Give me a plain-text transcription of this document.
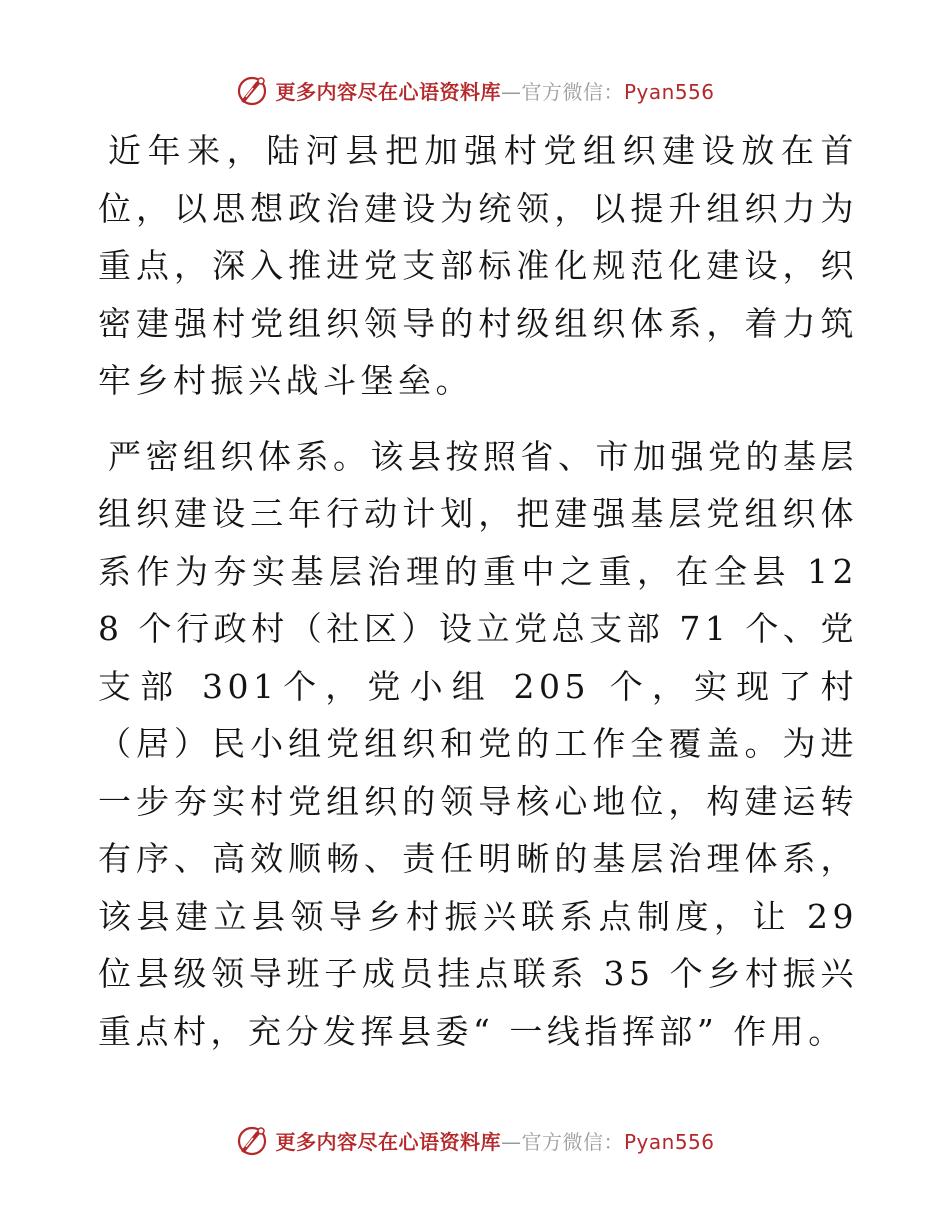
更多内容尽在心语资料库—官方微信：Pyan556

近年来，陆河县把加强村党组织建设放在首位，以思想政治建设为统领，以提升组织力为重点，深入推进党支部标准化规范化建设，织密建强村党组织领导的村级组织体系，着力筑牢乡村振兴战斗堡垒。

严密组织体系。该县按照省、市加强党的基层组织建设三年行动计划，把建强基层党组织体系作为夯实基层治理的重中之重，在全县 128 个行政村（社区）设立党总支部 71 个、党支部 301个，党小组 205 个，实现了村（居）民小组党组织和党的工作全覆盖。为进一步夯实村党组织的领导核心地位，构建运转有序、高效顺畅、责任明晰的基层治理体系，该县建立县领导乡村振兴联系点制度，让 29 位县级领导班子成员挂点联系 35 个乡村振兴重点村，充分发挥县委“ 一线指挥部” 作用。

更多内容尽在心语资料库—官方微信：Pyan556
